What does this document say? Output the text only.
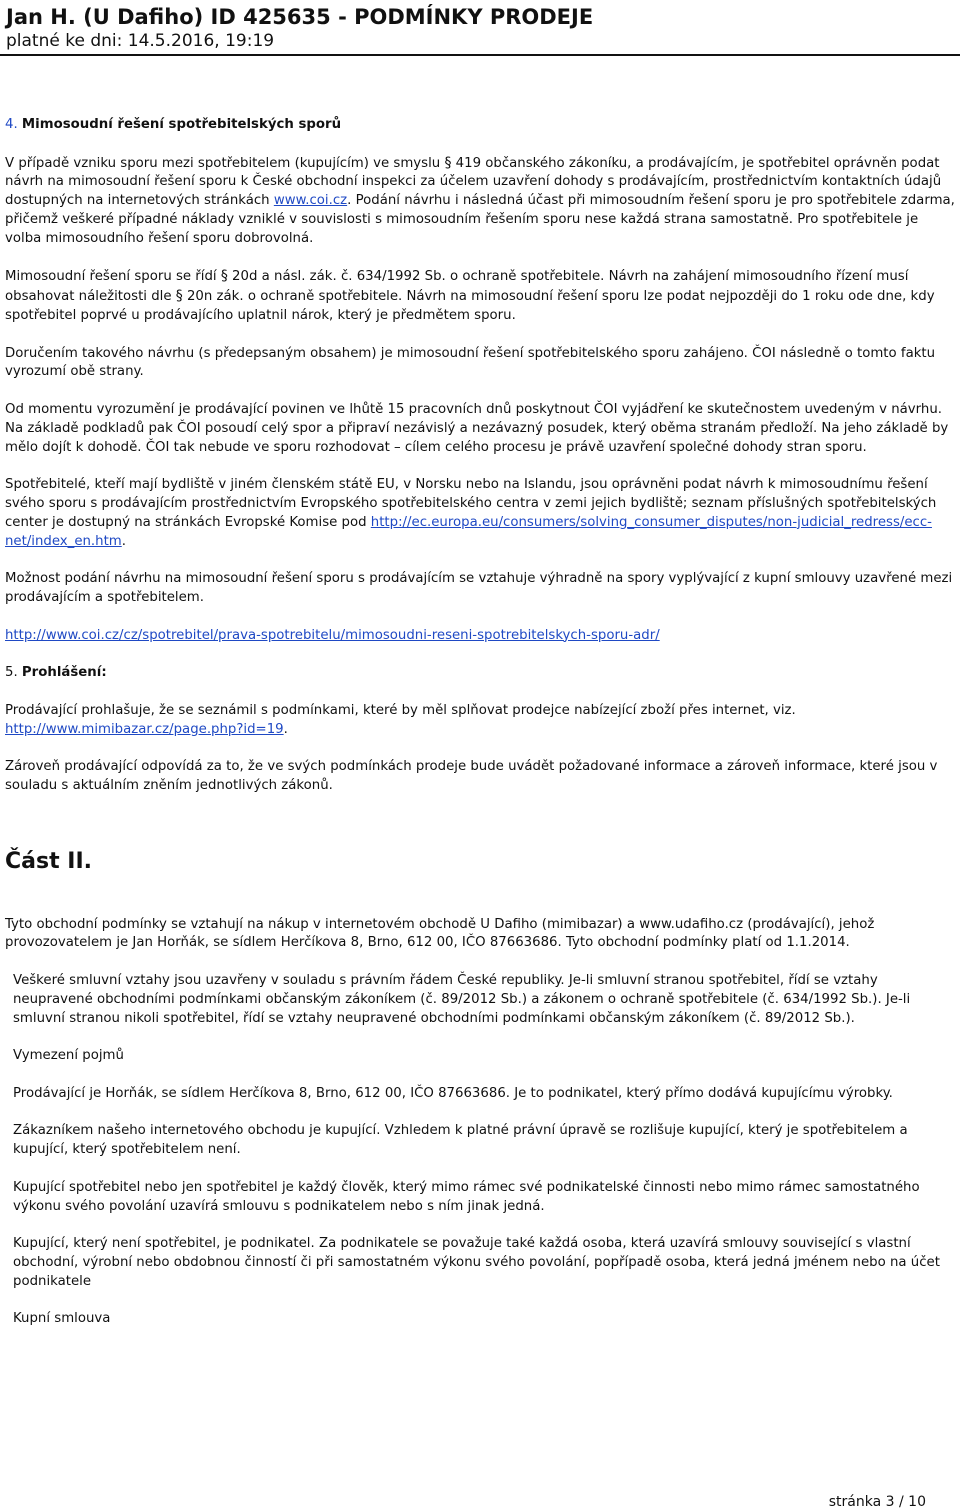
Jan H. (U Dafiho) ID 425635 - PODMÍNKY PRODEJE
platné ke dni: 14.5.2016, 19:19
4. Mimosoudní řešení spotřebitelských sporů

V případě vzniku sporu mezi spotřebitelem (kupujícím) ve smyslu § 419 občanského zákoníku, a prodávajícím, je spotřebitel oprávněn podat návrh na mimosoudní řešení sporu k České obchodní inspekci za účelem uzavření dohody s prodávajícím, prostřednictvím kontaktních údajů dostupných na internetových stránkách www.coi.cz. Podání návrhu i následná účast při mimosoudním řešení sporu je pro spotřebitele zdarma, přičemž veškeré případné náklady vzniklé v souvislosti s mimosoudním řešením sporu nese každá strana samostatně. Pro spotřebitele je volba mimosoudního řešení sporu dobrovolná.

Mimosoudní řešení sporu se řídí § 20d a násl. zák. č. 634/1992 Sb. o ochraně spotřebitele. Návrh na zahájení mimosoudního řízení musí obsahovat náležitosti dle § 20n zák. o ochraně spotřebitele. Návrh na mimosoudní řešení sporu lze podat nejpozději do 1 roku ode dne, kdy spotřebitel poprvé u prodávajícího uplatnil nárok, který je předmětem sporu.

Doručením takového návrhu (s předepsaným obsahem) je mimosoudní řešení spotřebitelského sporu zahájeno. ČOI následně o tomto faktu vyrozumí obě strany.

Od momentu vyrozumění je prodávající povinen ve lhůtě 15 pracovních dnů poskytnout ČOI vyjádření ke skutečnostem uvedeným v návrhu. Na základě podkladů pak ČOI posoudí celý spor a připraví nezávislý a nezávazný posudek, který oběma stranám předloží. Na jeho základě by mělo dojít k dohodě. ČOI tak nebude ve sporu rozhodovat – cílem celého procesu je právě uzavření společné dohody stran sporu.

Spotřebitelé, kteří mají bydliště v jiném členském státě EU, v Norsku nebo na Islandu, jsou oprávněni podat návrh k mimosoudnímu řešení svého sporu s prodávajícím prostřednictvím Evropského spotřebitelského centra v zemi jejich bydliště; seznam příslušných spotřebitelských center je dostupný na stránkách Evropské Komise pod http://ec.europa.eu/consumers/solving_consumer_disputes/non-judicial_redress/ecc-net/index_en.htm.

Možnost podání návrhu na mimosoudní řešení sporu s prodávajícím se vztahuje výhradně na spory vyplývající z kupní smlouvy uzavřené mezi prodávajícím a spotřebitelem.

http://www.coi.cz/cz/spotrebitel/prava-spotrebitelu/mimosoudni-reseni-spotrebitelskych-sporu-adr/

5. Prohlášení:

Prodávající prohlašuje, že se seznámil s podmínkami, které by měl splňovat prodejce nabízející zboží přes internet, viz. http://www.mimibazar.cz/page.php?id=19.

Zároveň prodávající odpovídá za to, že ve svých podmínkách prodeje bude uvádět požadované informace a zároveň informace, které jsou v souladu s aktuálním zněním jednotlivých zákonů.

Část II.

Tyto obchodní podmínky se vztahují na nákup v internetovém obchodě U Dafiho (mimibazar) a www.udafiho.cz (prodávající), jehož provozovatelem je Jan Horňák, se sídlem Herčíkova 8, Brno, 612 00, IČO 87663686. Tyto obchodní podmínky platí od 1.1.2014.

Veškeré smluvní vztahy jsou uzavřeny v souladu s právním řádem České republiky. Je-li smluvní stranou spotřebitel, řídí se vztahy neupravené obchodními podmínkami občanským zákoníkem (č. 89/2012 Sb.) a zákonem o ochraně spotřebitele (č. 634/1992 Sb.). Je-li smluvní stranou nikoli spotřebitel, řídí se vztahy neupravené obchodními podmínkami občanským zákoníkem (č. 89/2012 Sb.).

Vymezení pojmů

Prodávající je Horňák, se sídlem Herčíkova 8, Brno, 612 00, IČO 87663686. Je to podnikatel, který přímo dodává kupujícímu výrobky.

Zákazníkem našeho internetového obchodu je kupující. Vzhledem k platné právní úpravě se rozlišuje kupující, který je spotřebitelem a kupující, který spotřebitelem není.

Kupující spotřebitel nebo jen spotřebitel je každý člověk, který mimo rámec své podnikatelské činnosti nebo mimo rámec samostatného výkonu svého povolání uzavírá smlouvu s podnikatelem nebo s ním jinak jedná.

Kupující, který není spotřebitel, je podnikatel. Za podnikatele se považuje také každá osoba, která uzavírá smlouvy související s vlastní obchodní, výrobní nebo obdobnou činností či při samostatném výkonu svého povolání, popřípadě osoba, která jedná jménem nebo na účet podnikatele

Kupní smlouva

stránka 3 / 10
